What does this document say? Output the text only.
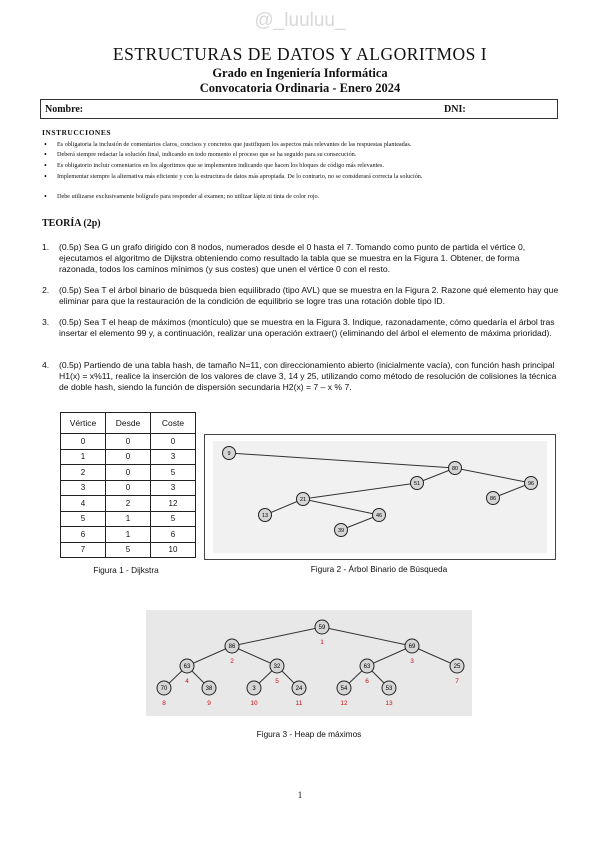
@_luuluu_
ESTRUCTURAS DE DATOS Y ALGORITMOS I
Grado en Ingeniería Informática
Convocatoria Ordinaria - Enero 2024
Nombre:	DNI:
INSTRUCCIONES
• Es obligatoria la inclusión de comentarios claros, concisos y concretos que justifiquen los aspectos más relevantes de las respuestas planteadas.
• Deberá siempre redactar la solución final, indicando en todo momento el proceso que se ha seguido para su consecución.
• Es obligatorio incluir comentarios en los algoritmos que se implementen indicando que hacen los bloques de código más relevantes.
• Implementar siempre la alternativa más eficiente y con la estructura de datos más apropiada. De lo contrario, no se considerará correcta la solución.
• Debe utilizarse exclusivamente bolígrafo para responder al examen; no utilizar lápiz ni tinta de color rojo.
TEORÍA (2p)
1. (0.5p) Sea G un grafo dirigido con 8 nodos, numerados desde el 0 hasta el 7. Tomando como punto de partida el vértice 0, ejecutamos el algoritmo de Dijkstra obteniendo como resultado la tabla que se muestra en la Figura 1. Obtener, de forma razonada, todos los caminos mínimos (y sus costes) que unen el vértice 0 con el resto.
2. (0.5p) Sea T el árbol binario de búsqueda bien equilibrado (tipo AVL) que se muestra en la Figura 2. Razone qué elemento hay que eliminar para que la restauración de la condición de equilibrio se logre tras una rotación doble tipo ID.
3. (0.5p) Sea T el heap de máximos (montículo) que se muestra en la Figura 3. Indique, razonadamente, cómo quedaría el árbol tras insertar el elemento 99 y, a continuación, realizar una operación extraer() (eliminando del árbol el elemento de máxima prioridad).
4. (0.5p) Partiendo de una tabla hash, de tamaño N=11, con direccionamiento abierto (inicialmente vacía), con función hash principal H1(x) = x%11, realice la inserción de los valores de clave 3, 14 y 25, utilizando como método de resolución de colisiones la técnica de doble hash, siendo la función de dispersión secundaria H2(x) = 7 – x % 7.
Vértice	Desde	Coste
0	0	0
1	0	3
2	0	5
3	0	3
4	2	12
5	1	5
6	1	6
7	5	10
Figura 1 - Dijkstra
9
80
51	96
86
21
13	46
39
Figura 2 - Árbol Binario de Búsqueda
59
1
86
2
69
3
63
4
32
5
63
6
25
7
70
8
38
9
3
10
24
11
54
12
53
13
Figura 3 - Heap de máximos
1
